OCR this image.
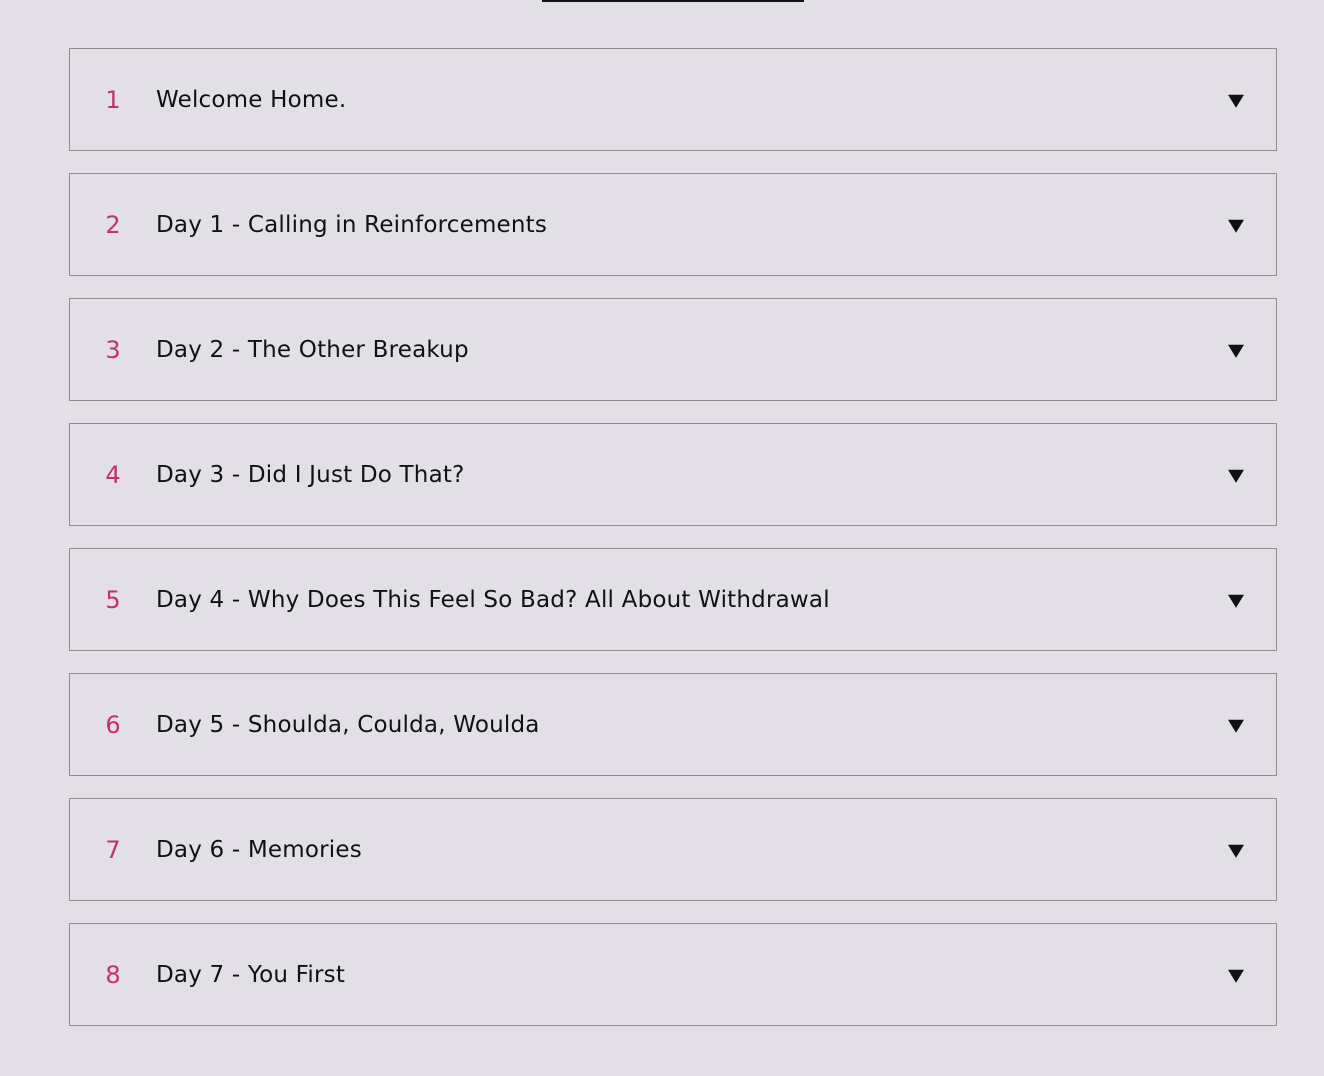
1	Welcome Home.
2	Day 1 - Calling in Reinforcements
3	Day 2 - The Other Breakup
4	Day 3 - Did I Just Do That?
5	Day 4 - Why Does This Feel So Bad? All About Withdrawal
6	Day 5 - Shoulda, Coulda, Woulda
7	Day 6 - Memories
8	Day 7 - You First
